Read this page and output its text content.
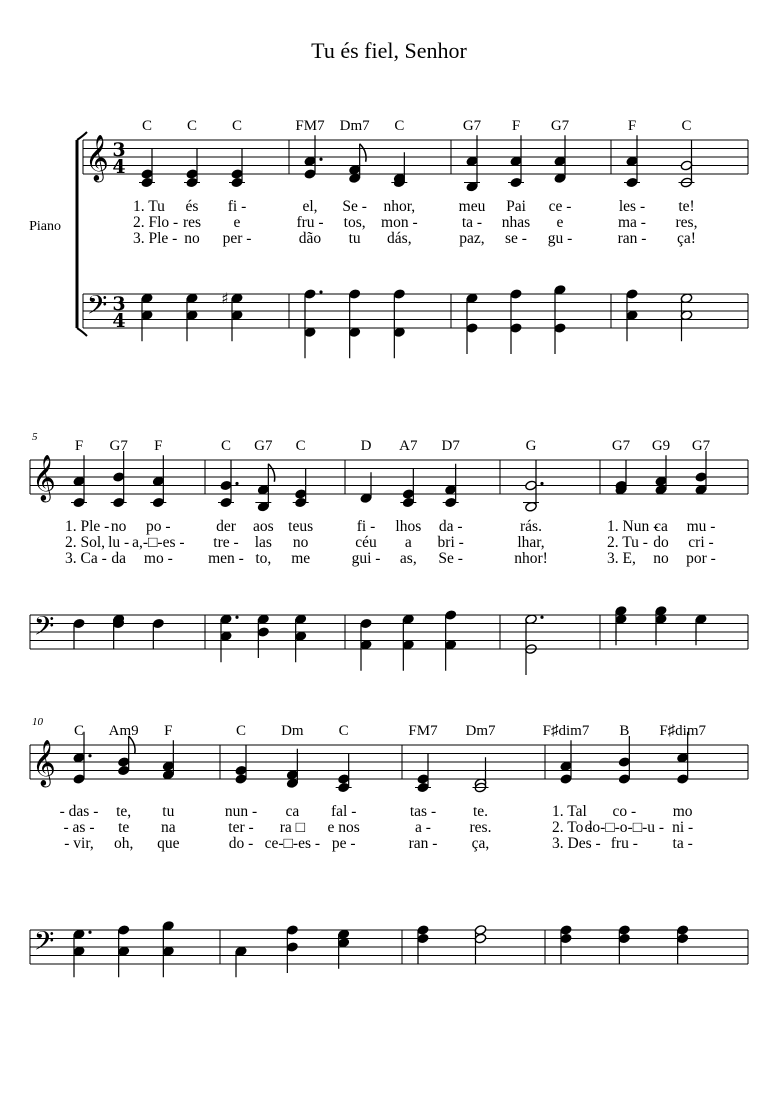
Tu és fiel, Senhor
Piano
𝄞
𝄢
3
4
3
4
C C C
♯
1. Tu és fi -
2. Flo - res e
3. Ple - no per -
FM7 Dm7 C
el, Se - nhor,
fru - tos, mon -
dão tu dás,
G7 F G7
meu Pai ce -
ta - nhas e
paz, se - gu -
F	C
les - te!
ma - res,
ran - ça!
𝄞
𝄢
5
F G7 F
1. Ple - no po -
2. Sol, lu - a,-□-es -
3. Ca - da mo -
C G7 C
der aos teus
tre - las no
men - to, me
D A7 D7
fi - lhos da -
céu a bri -
gui - as, Se -
G
rás.
lhar,
nhor!
G7 G9 G7
1. Nun -
ca mu -
2. Tu - do cri -
3. E, no por -
𝄞
𝄢
10
C Am9 F
- das - te, tu
- as - te na
- vir, oh, que
C Dm C
nun - ca fal -
ter - ra □ e nos
do - ce-□-es - pe -
FM7 Dm7
tas - te.
a - res.
ran - ça,
F♯dim7 B F♯dim7
1. Tal co - mo
2. To -
do-□-o-□-u - ni -
3. Des - fru - ta -
